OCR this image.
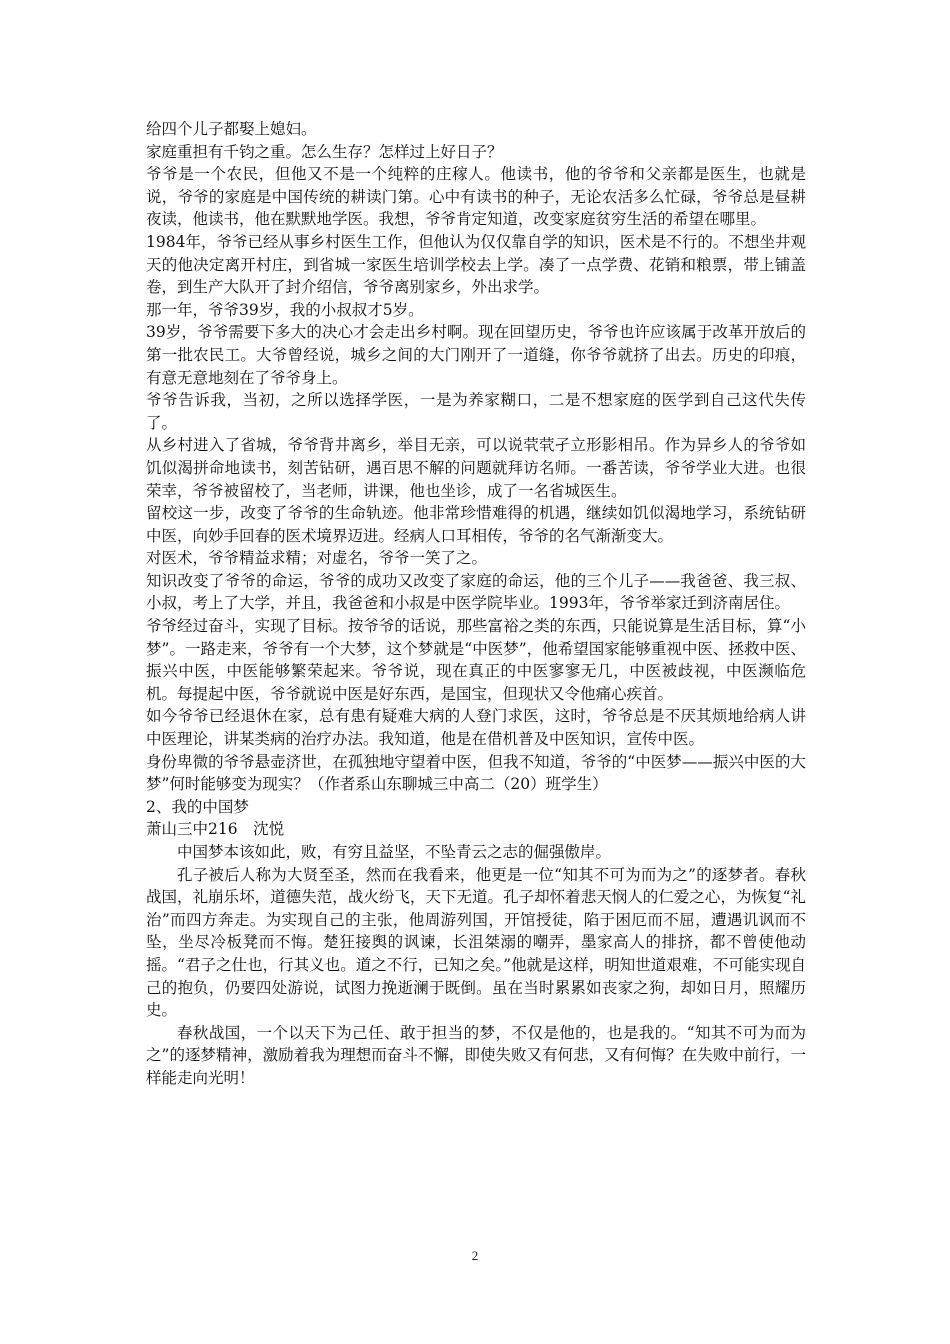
给四个儿子都娶上媳妇。

家庭重担有千钧之重。怎么生存？怎样过上好日子？

爷爷是一个农民，但他又不是一个纯粹的庄稼人。他读书，他的爷爷和父亲都是医生，也就是说，爷爷的家庭是中国传统的耕读门第。心中有读书的种子，无论农活多么忙碌，爷爷总是昼耕夜读，他读书，他在默默地学医。我想，爷爷肯定知道，改变家庭贫穷生活的希望在哪里。

1984年，爷爷已经从事乡村医生工作，但他认为仅仅靠自学的知识，医术是不行的。不想坐井观天的他决定离开村庄，到省城一家医生培训学校去上学。凑了一点学费、花销和粮票，带上铺盖卷，到生产大队开了封介绍信，爷爷离别家乡，外出求学。

那一年，爷爷39岁，我的小叔叔才5岁。

39岁，爷爷需要下多大的决心才会走出乡村啊。现在回望历史，爷爷也许应该属于改革开放后的第一批农民工。大爷曾经说，城乡之间的大门刚开了一道缝，你爷爷就挤了出去。历史的印痕，有意无意地刻在了爷爷身上。

爷爷告诉我，当初，之所以选择学医，一是为养家糊口，二是不想家庭的医学到自己这代失传了。

从乡村进入了省城，爷爷背井离乡，举目无亲，可以说茕茕孑立形影相吊。作为异乡人的爷爷如饥似渴拼命地读书，刻苦钻研，遇百思不解的问题就拜访名师。一番苦读，爷爷学业大进。也很荣幸，爷爷被留校了，当老师，讲课，他也坐诊，成了一名省城医生。

留校这一步，改变了爷爷的生命轨迹。他非常珍惜难得的机遇，继续如饥似渴地学习，系统钻研中医，向妙手回春的医术境界迈进。经病人口耳相传，爷爷的名气渐渐变大。

对医术，爷爷精益求精；对虚名，爷爷一笑了之。

知识改变了爷爷的命运，爷爷的成功又改变了家庭的命运，他的三个儿子——我爸爸、我三叔、小叔，考上了大学，并且，我爸爸和小叔是中医学院毕业。1993年，爷爷举家迁到济南居住。

爷爷经过奋斗，实现了目标。按爷爷的话说，那些富裕之类的东西，只能说算是生活目标，算“小梦”。一路走来，爷爷有一个大梦，这个梦就是“中医梦”，他希望国家能够重视中医、拯救中医、振兴中医，中医能够繁荣起来。爷爷说，现在真正的中医寥寥无几，中医被歧视，中医濒临危机。每提起中医，爷爷就说中医是好东西，是国宝，但现状又令他痛心疾首。

如今爷爷已经退休在家，总有患有疑难大病的人登门求医，这时，爷爷总是不厌其烦地给病人讲中医理论，讲某类病的治疗办法。我知道，他是在借机普及中医知识，宣传中医。

身份卑微的爷爷悬壶济世，在孤独地守望着中医，但我不知道，爷爷的“中医梦——振兴中医的大梦”何时能够变为现实？（作者系山东聊城三中高二（20）班学生）

2、我的中国梦

萧山三中216　沈悦

中国梦本该如此，败，有穷且益坚，不坠青云之志的倔强傲岸。

孔子被后人称为大贤至圣，然而在我看来，他更是一位“知其不可为而为之”的逐梦者。春秋战国，礼崩乐坏，道德失范，战火纷飞，天下无道。孔子却怀着悲天悯人的仁爱之心，为恢复“礼治”而四方奔走。为实现自己的主张，他周游列国，开馆授徒，陷于困厄而不屈，遭遇讥讽而不坠，坐尽冷板凳而不悔。楚狂接舆的讽谏，长沮桀溺的嘲弄，墨家高人的排挤，都不曾使他动摇。“君子之仕也，行其义也。道之不行，已知之矣。”他就是这样，明知世道艰难，不可能实现自己的抱负，仍要四处游说，试图力挽逝澜于既倒。虽在当时累累如丧家之狗，却如日月，照耀历史。

春秋战国，一个以天下为己任、敢于担当的梦，不仅是他的，也是我的。“知其不可为而为之”的逐梦精神，激励着我为理想而奋斗不懈，即使失败又有何悲，又有何悔？在失败中前行，一样能走向光明！

2
